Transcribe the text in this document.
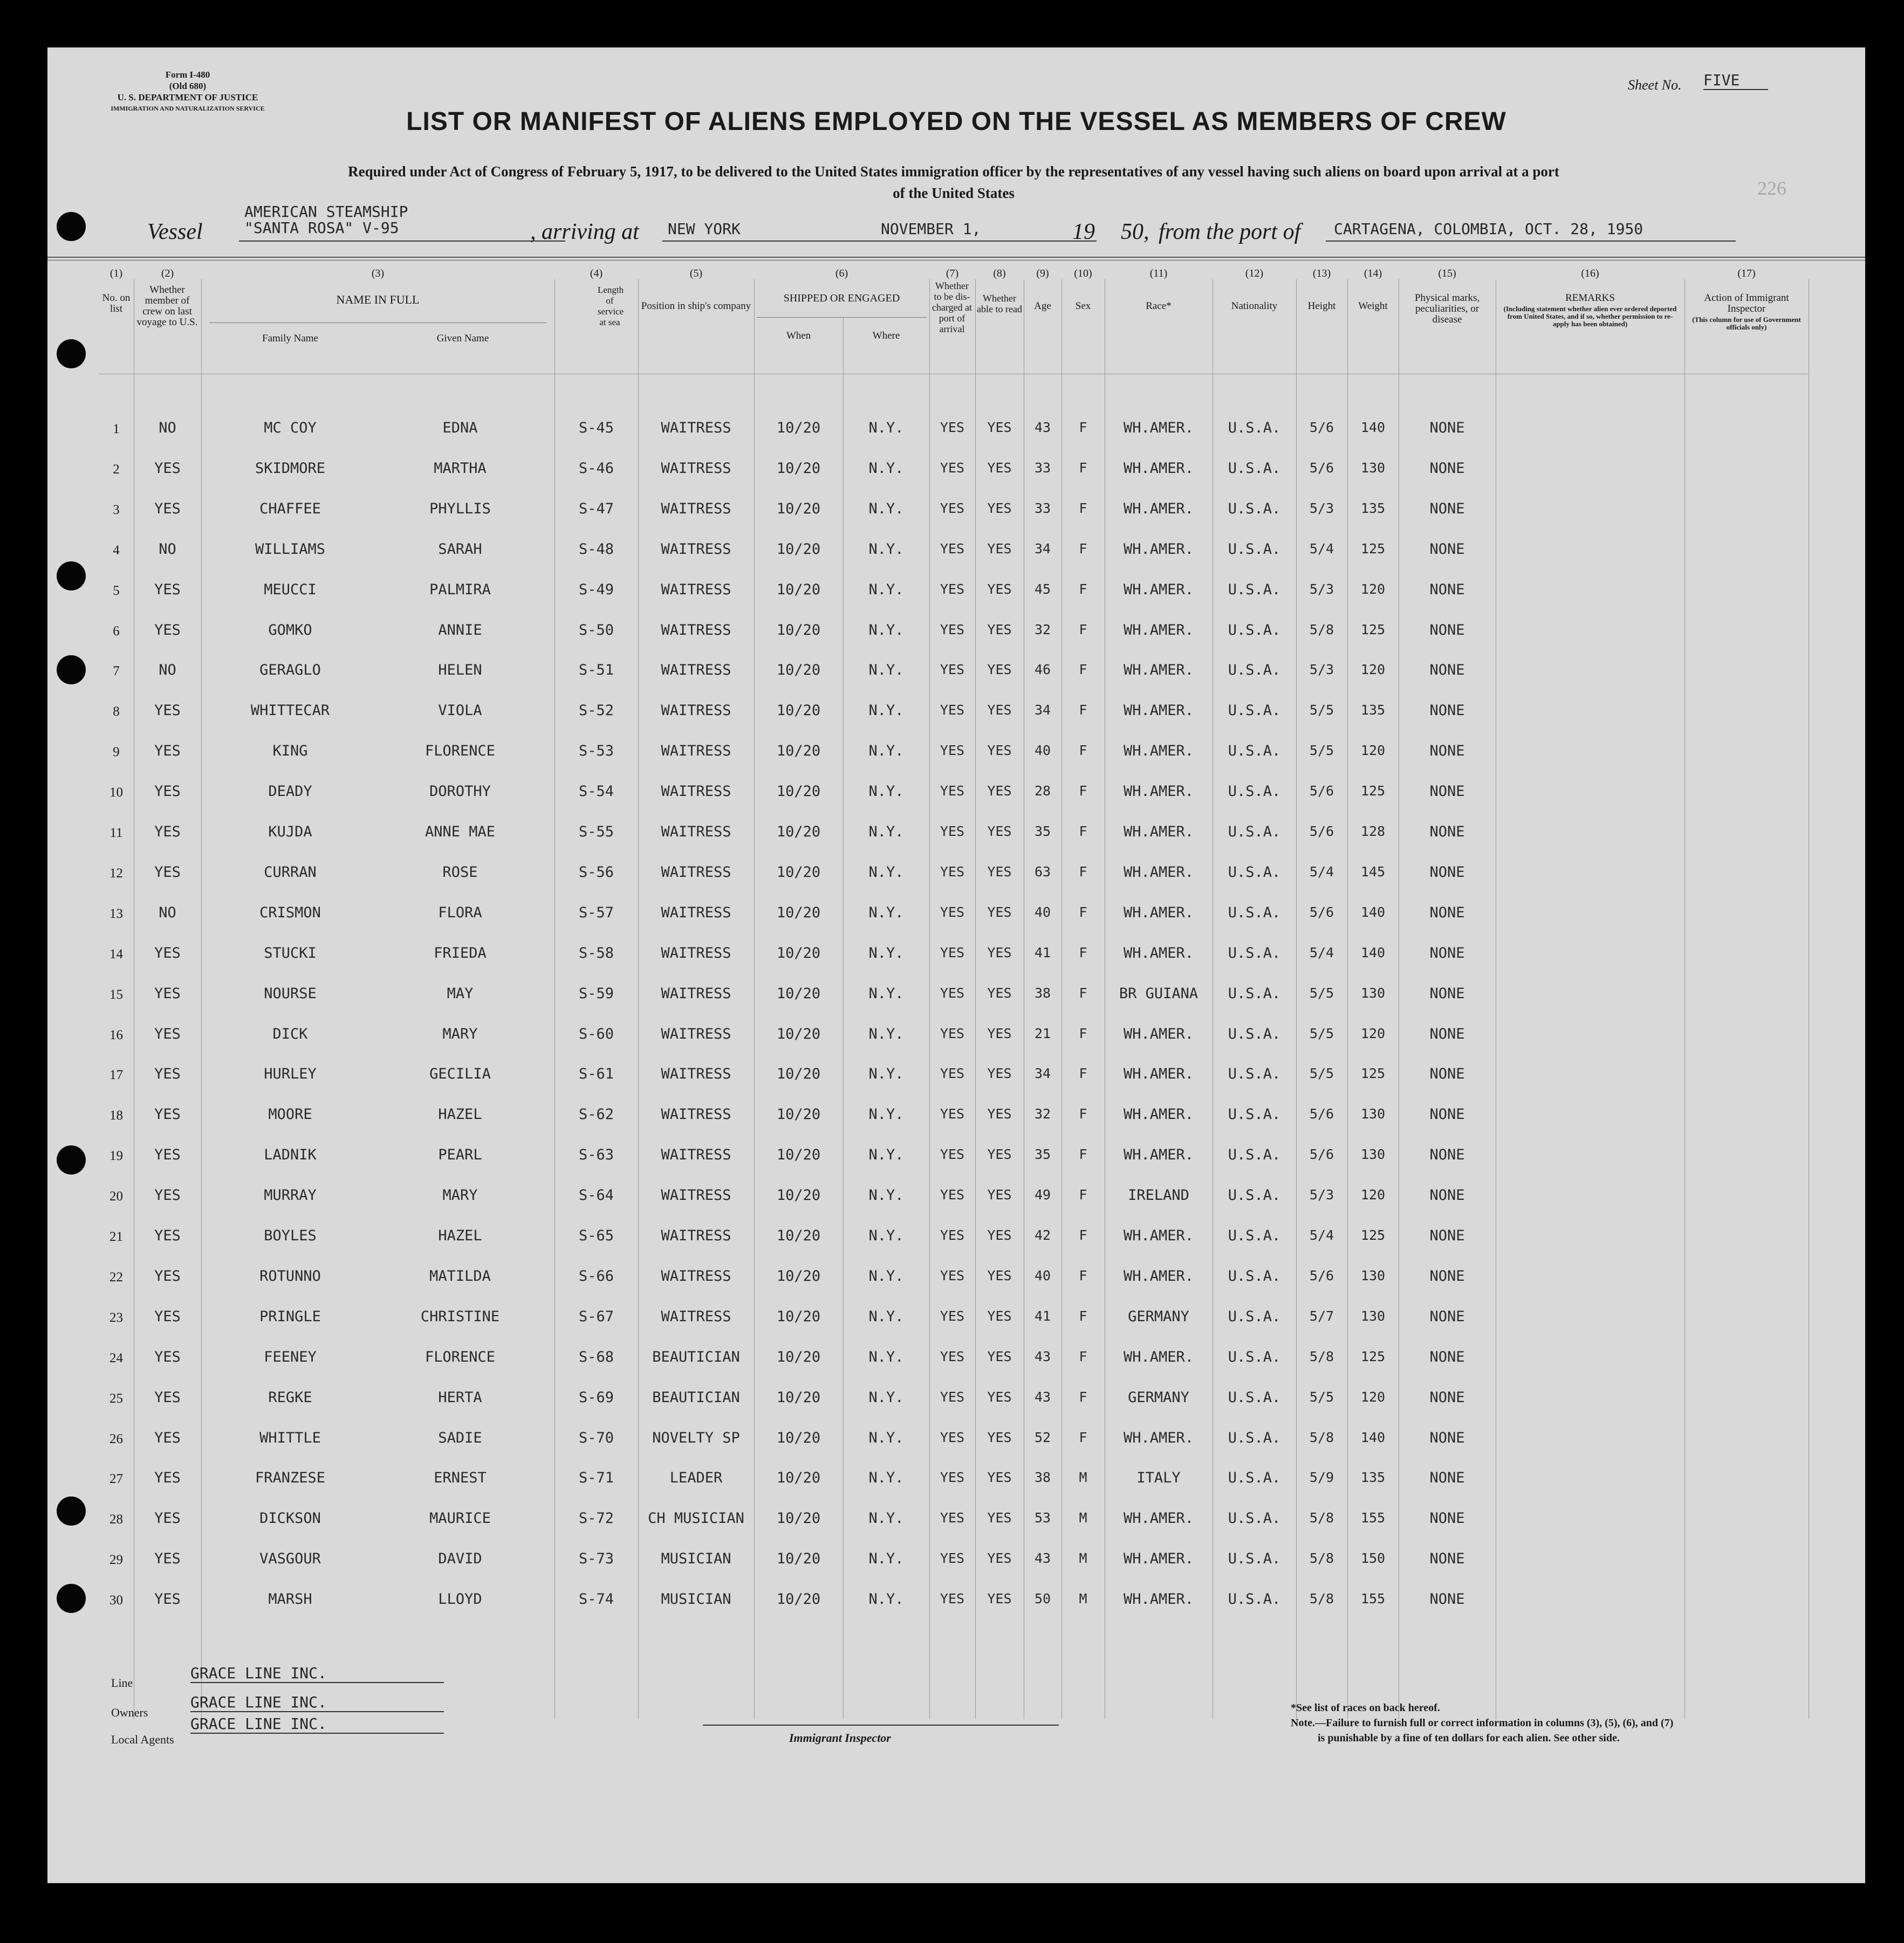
Form I-480
(Old 680)
U. S. DEPARTMENT OF JUSTICE
IMMIGRATION AND NATURALIZATION SERVICE
Sheet No. FIVE
226
LIST OR MANIFEST OF ALIENS EMPLOYED ON THE VESSEL AS MEMBERS OF CREW
Required under Act of Congress of February 5, 1917, to be delivered to the United States immigration officer by the representatives of any vessel having such aliens on board upon arrival at a port
of the United States
Vessel
AMERICAN STEAMSHIP
"SANTA ROSA" V-95	, arriving at NEW YORK	NOVEMBER 1,	19 50, from the port of CARTAGENA, COLOMBIA, OCT. 28, 1950
(1)	(2)	(3)	(4)	(5)	(6)	(7)	(8)	(9)	(10)	(11)	(12)	(13)	(14)	(15)	(16)	(17)
No. on list
Whether member of crew on last voyage to U.S.
NAME IN FULL
Family Name	Given Name
Length of service at sea
Position in ship's company
SHIPPED OR ENGAGED
When	Where
Whether to be dis-charged at port of arrival
Whether able to read	Age	Sex	Race*	Nationality	Height	Weight
Physical marks, peculiarities, or disease
REMARKS
(Including statement whether alien ever ordered deported from United States, and if so, whether permission to re-apply has been obtained)
Action of Immigrant Inspector
(This column for use of Government officials only)
1	NO	MC COY	EDNA	S-45	WAITRESS	10/20	N.Y.	YES	YES	43	F	WH.AMER.	U.S.A.	5/6	140	NONE
2	YES	SKIDMORE	MARTHA	S-46	WAITRESS	10/20	N.Y.	YES	YES	33	F	WH.AMER.	U.S.A.	5/6	130	NONE
3	YES	CHAFFEE	PHYLLIS	S-47	WAITRESS	10/20	N.Y.	YES	YES	33	F	WH.AMER.	U.S.A.	5/3	135	NONE
4	NO	WILLIAMS	SARAH	S-48	WAITRESS	10/20	N.Y.	YES	YES	34	F	WH.AMER.	U.S.A.	5/4	125	NONE
5	YES	MEUCCI	PALMIRA	S-49	WAITRESS	10/20	N.Y.	YES	YES	45	F	WH.AMER.	U.S.A.	5/3	120	NONE
6	YES	GOMKO	ANNIE	S-50	WAITRESS	10/20	N.Y.	YES	YES	32	F	WH.AMER.	U.S.A.	5/8	125	NONE
7	NO	GERAGLO	HELEN	S-51	WAITRESS	10/20	N.Y.	YES	YES	46	F	WH.AMER.	U.S.A.	5/3	120	NONE
8	YES	WHITTECAR	VIOLA	S-52	WAITRESS	10/20	N.Y.	YES	YES	34	F	WH.AMER.	U.S.A.	5/5	135	NONE
9	YES	KING	FLORENCE	S-53	WAITRESS	10/20	N.Y.	YES	YES	40	F	WH.AMER.	U.S.A.	5/5	120	NONE
10	YES	DEADY	DOROTHY	S-54	WAITRESS	10/20	N.Y.	YES	YES	28	F	WH.AMER.	U.S.A.	5/6	125	NONE
11	YES	KUJDA	ANNE MAE	S-55	WAITRESS	10/20	N.Y.	YES	YES	35	F	WH.AMER.	U.S.A.	5/6	128	NONE
12	YES	CURRAN	ROSE	S-56	WAITRESS	10/20	N.Y.	YES	YES	63	F	WH.AMER.	U.S.A.	5/4	145	NONE
13	NO	CRISMON	FLORA	S-57	WAITRESS	10/20	N.Y.	YES	YES	40	F	WH.AMER.	U.S.A.	5/6	140	NONE
14	YES	STUCKI	FRIEDA	S-58	WAITRESS	10/20	N.Y.	YES	YES	41	F	WH.AMER.	U.S.A.	5/4	140	NONE
15	YES	NOURSE	MAY	S-59	WAITRESS	10/20	N.Y.	YES	YES	38	F	BR GUIANA	U.S.A.	5/5	130	NONE
16	YES	DICK	MARY	S-60	WAITRESS	10/20	N.Y.	YES	YES	21	F	WH.AMER.	U.S.A.	5/5	120	NONE
17	YES	HURLEY	GECILIA	S-61	WAITRESS	10/20	N.Y.	YES	YES	34	F	WH.AMER.	U.S.A.	5/5	125	NONE
18	YES	MOORE	HAZEL	S-62	WAITRESS	10/20	N.Y.	YES	YES	32	F	WH.AMER.	U.S.A.	5/6	130	NONE
19	YES	LADNIK	PEARL	S-63	WAITRESS	10/20	N.Y.	YES	YES	35	F	WH.AMER.	U.S.A.	5/6	130	NONE
20	YES	MURRAY	MARY	S-64	WAITRESS	10/20	N.Y.	YES	YES	49	F	IRELAND	U.S.A.	5/3	120	NONE
21	YES	BOYLES	HAZEL	S-65	WAITRESS	10/20	N.Y.	YES	YES	42	F	WH.AMER.	U.S.A.	5/4	125	NONE
22	YES	ROTUNNO	MATILDA	S-66	WAITRESS	10/20	N.Y.	YES	YES	40	F	WH.AMER.	U.S.A.	5/6	130	NONE
23	YES	PRINGLE	CHRISTINE	S-67	WAITRESS	10/20	N.Y.	YES	YES	41	F	GERMANY	U.S.A.	5/7	130	NONE
24	YES	FEENEY	FLORENCE	S-68	BEAUTICIAN	10/20	N.Y.	YES	YES	43	F	WH.AMER.	U.S.A.	5/8	125	NONE
25	YES	REGKE	HERTA	S-69	BEAUTICIAN	10/20	N.Y.	YES	YES	43	F	GERMANY	U.S.A.	5/5	120	NONE
26	YES	WHITTLE	SADIE	S-70	NOVELTY SP	10/20	N.Y.	YES	YES	52	F	WH.AMER.	U.S.A.	5/8	140	NONE
27	YES	FRANZESE	ERNEST	S-71	LEADER	10/20	N.Y.	YES	YES	38	M	ITALY	U.S.A.	5/9	135	NONE
28	YES	DICKSON	MAURICE	S-72	CH MUSICIAN	10/20	N.Y.	YES	YES	53	M	WH.AMER.	U.S.A.	5/8	155	NONE
29	YES	VASGOUR	DAVID	S-73	MUSICIAN	10/20	N.Y.	YES	YES	43	M	WH.AMER.	U.S.A.	5/8	150	NONE
30	YES	MARSH	LLOYD	S-74	MUSICIAN	10/20	N.Y.	YES	YES	50	M	WH.AMER.	U.S.A.	5/8	155	NONE
Line
GRACE LINE INC.
Owners
GRACE LINE INC.
Local Agents
GRACE LINE INC.
Immigrant Inspector
*See list of races on back hereof.
Note.—Failure to furnish full or correct information in columns (3), (5), (6), and (7)
is punishable by a fine of ten dollars for each alien. See other side.
